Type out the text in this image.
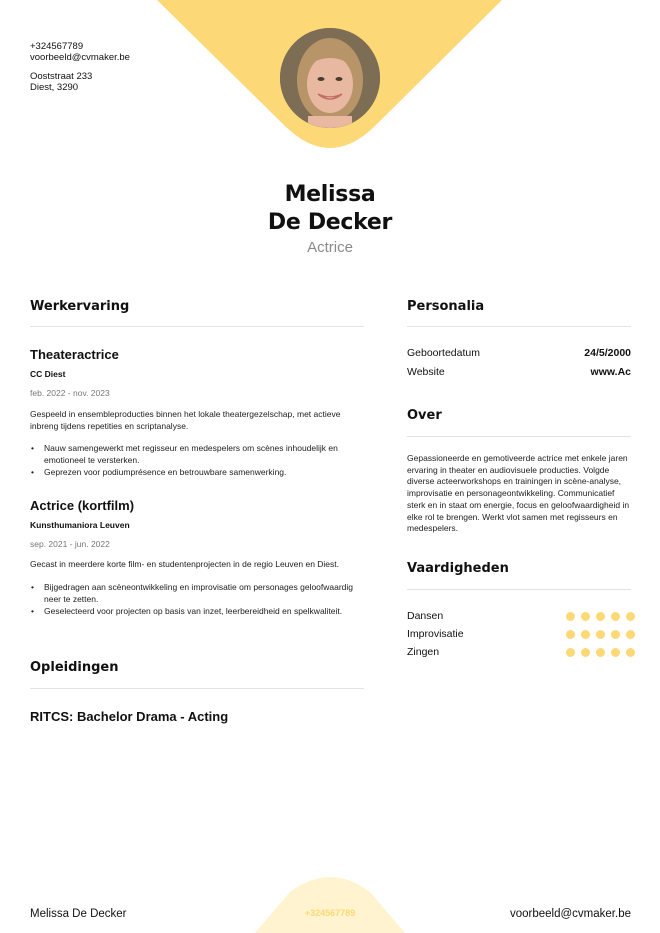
+324567789
voorbeeld@cvmaker.be
Ooststraat 233
Diest, 3290
Melissa
De Decker
Actrice
Werkervaring
Theateractrice
CC Diest
feb. 2022 - nov. 2023
Gespeeld in ensembleproducties binnen het lokale theatergezelschap, met actieve inbreng tijdens repetities en scriptanalyse.
• Nauw samengewerkt met regisseur en medespelers om scènes inhoudelijk en emotioneel te versterken.
• Geprezen voor podiumprésence en betrouwbare samenwerking.
Actrice (kortfilm)
Kunsthumaniora Leuven
sep. 2021 - jun. 2022
Gecast in meerdere korte film- en studentenprojecten in de regio Leuven en Diest.
• Bijgedragen aan scèneontwikkeling en improvisatie om personages geloofwaardig neer te zetten.
• Geselecteerd voor projecten op basis van inzet, leerbereidheid en spelkwaliteit.
Opleidingen
RITCS: Bachelor Drama - Acting
Personalia
Geboortedatum	24/5/2000
Website	www.Ac
Over
Gepassioneerde en gemotiveerde actrice met enkele jaren ervaring in theater en audiovisuele producties. Volgde diverse acteerworkshops en trainingen in scène-analyse, improvisatie en personageontwikkeling. Communicatief sterk en in staat om energie, focus en geloofwaardigheid in elke rol te brengen. Werkt vlot samen met regisseurs en medespelers.
Vaardigheden
Dansen
Improvisatie
Zingen
Melissa De Decker	+324567789	voorbeeld@cvmaker.be
